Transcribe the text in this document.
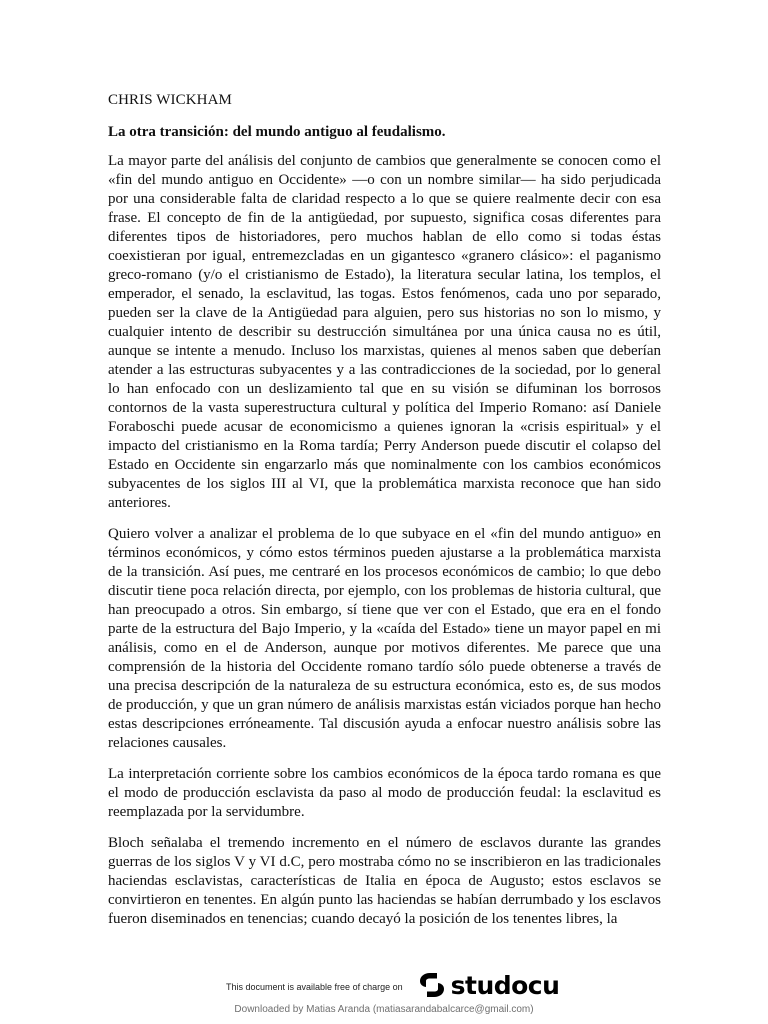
CHRIS WICKHAM
La otra transición: del mundo antiguo al feudalismo.

La mayor parte del análisis del conjunto de cambios que generalmente se conocen como el «fin del mundo antiguo en Occidente» —o con un nombre similar— ha sido perjudicada por una considerable falta de claridad respecto a lo que se quiere realmente decir con esa frase. El concepto de fin de la antigüedad, por supuesto, significa cosas diferentes para diferentes tipos de historiadores, pero muchos hablan de ello como si todas éstas coexistieran por igual, entremezcladas en un gigantesco «granero clásico»: el paganismo greco-romano (y/o el cristianismo de Estado), la literatura secular latina, los templos, el emperador, el senado, la esclavitud, las togas. Estos fenómenos, cada uno por separado, pueden ser la clave de la Antigüedad para alguien, pero sus historias no son lo mismo, y cualquier intento de describir su destrucción simultánea por una única causa no es útil, aunque se intente a menudo. Incluso los marxistas, quienes al menos saben que deberían atender a las estructuras subyacentes y a las contradicciones de la sociedad, por lo general lo han enfocado con un deslizamiento tal que en su visión se difuminan los borrosos contornos de la vasta superestructura cultural y política del Imperio Romano: así Daniele Foraboschi puede acusar de economicismo a quienes ignoran la «crisis espiritual» y el impacto del cristianismo en la Roma tardía; Perry Anderson puede discutir el colapso del Estado en Occidente sin engarzarlo más que nominalmente con los cambios económicos subyacentes de los siglos III al VI, que la problemática marxista reconoce que han sido anteriores.

Quiero volver a analizar el problema de lo que subyace en el «fin del mundo antiguo» en términos económicos, y cómo estos términos pueden ajustarse a la problemática marxista de la transición. Así pues, me centraré en los procesos económicos de cambio; lo que debo discutir tiene poca relación directa, por ejemplo, con los problemas de historia cultural, que han preocupado a otros. Sin embargo, sí tiene que ver con el Estado, que era en el fondo parte de la estructura del Bajo Imperio, y la «caída del Estado» tiene un mayor papel en mi análisis, como en el de Anderson, aunque por motivos diferentes. Me parece que una comprensión de la historia del Occidente romano tardío sólo puede obtenerse a través de una precisa descripción de la naturaleza de su estructura económica, esto es, de sus modos de producción, y que un gran número de análisis marxistas están viciados porque han hecho estas descripciones erróneamente. Tal discusión ayuda a enfocar nuestro análisis sobre las relaciones causales.

La interpretación corriente sobre los cambios económicos de la época tardo romana es que el modo de producción esclavista da paso al modo de producción feudal: la esclavitud es reemplazada por la servidumbre.

Bloch señalaba el tremendo incremento en el número de esclavos durante las grandes guerras de los siglos V y VI d.C, pero mostraba cómo no se inscribieron en las tradicionales haciendas esclavistas, características de Italia en época de Augusto; estos esclavos se convirtieron en tenentes. En algún punto las haciendas se habían derrumbado y los esclavos fueron diseminados en tenencias; cuando decayó la posición de los tenentes libres, la

This document is available free of charge on studocu
Downloaded by Matias Aranda (matiasarandabalcarce@gmail.com)
